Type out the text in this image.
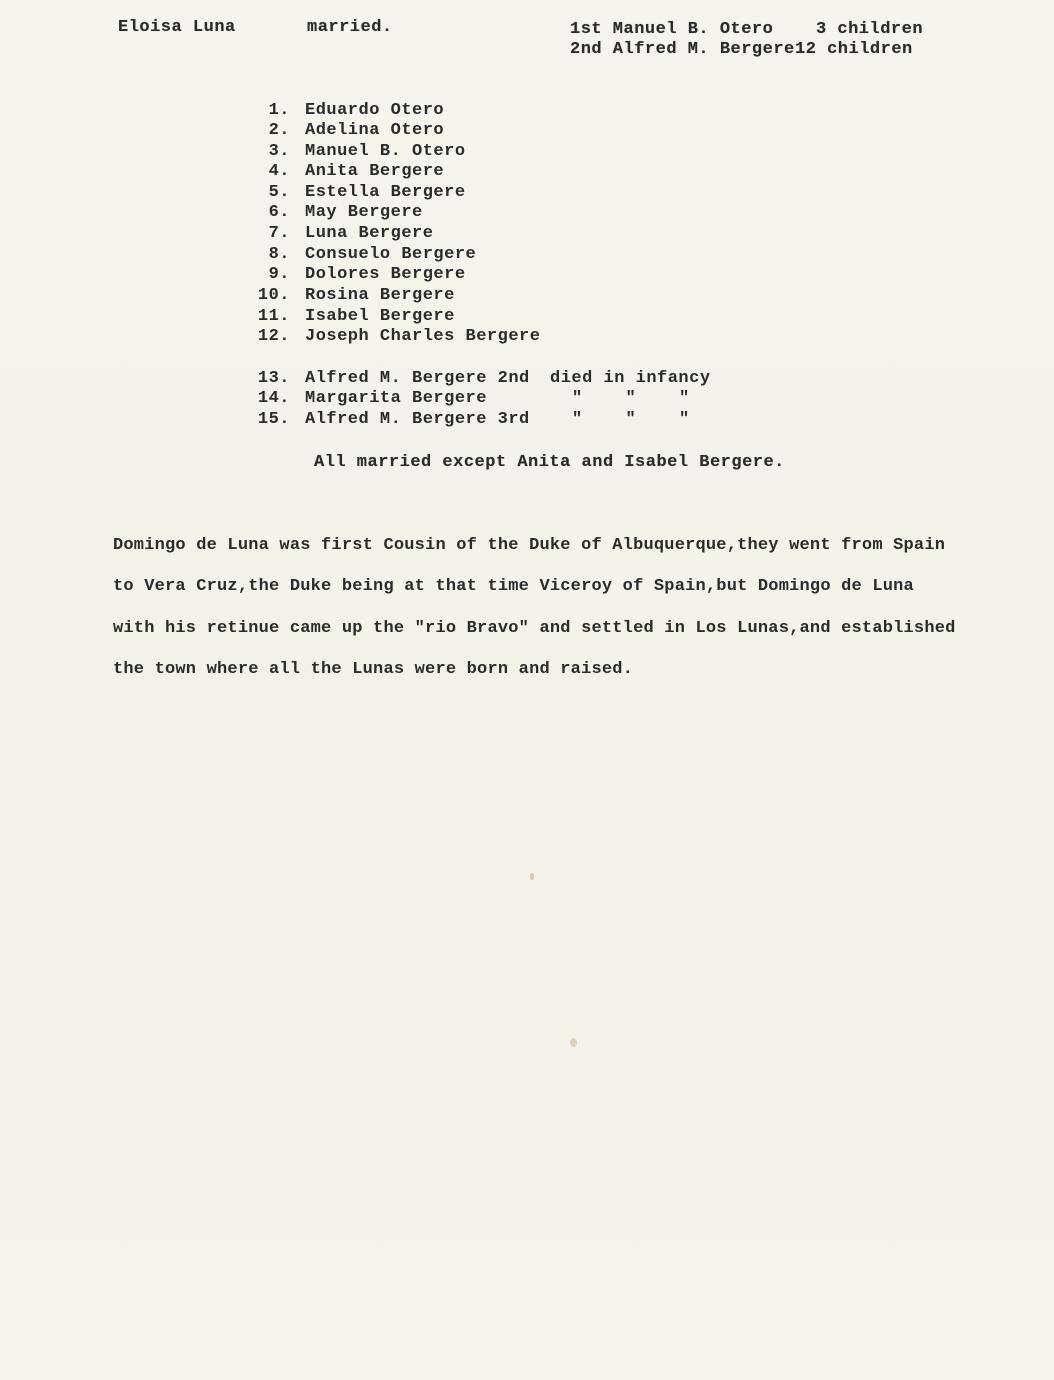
Eloisa Luna	married.	1st Manuel B. Otero	3 children
2nd Alfred M. Bergere 12 children
1. Eduardo Otero
2. Adelina Otero
3. Manuel B. Otero
4. Anita Bergere
5. Estella Bergere
6. May Bergere
7. Luna Bergere
8. Consuelo Bergere
9. Dolores Bergere
10. Rosina Bergere
11. Isabel Bergere
12. Joseph Charles Bergere
13. Alfred M. Bergere 2nd died in infancy
14. Margarita Bergere	"    "    "
15. Alfred M. Bergere 3rd "    "    "
All married except Anita and Isabel Bergere.
Domingo de Luna was first Cousin of the Duke of Albuquerque,they went from Spain
to Vera Cruz,the Duke being at that time Viceroy of Spain,but Domingo de Luna
with his retinue came up the "rio Bravo" and settled in Los Lunas,and established
the town where all the Lunas were born and raised.
